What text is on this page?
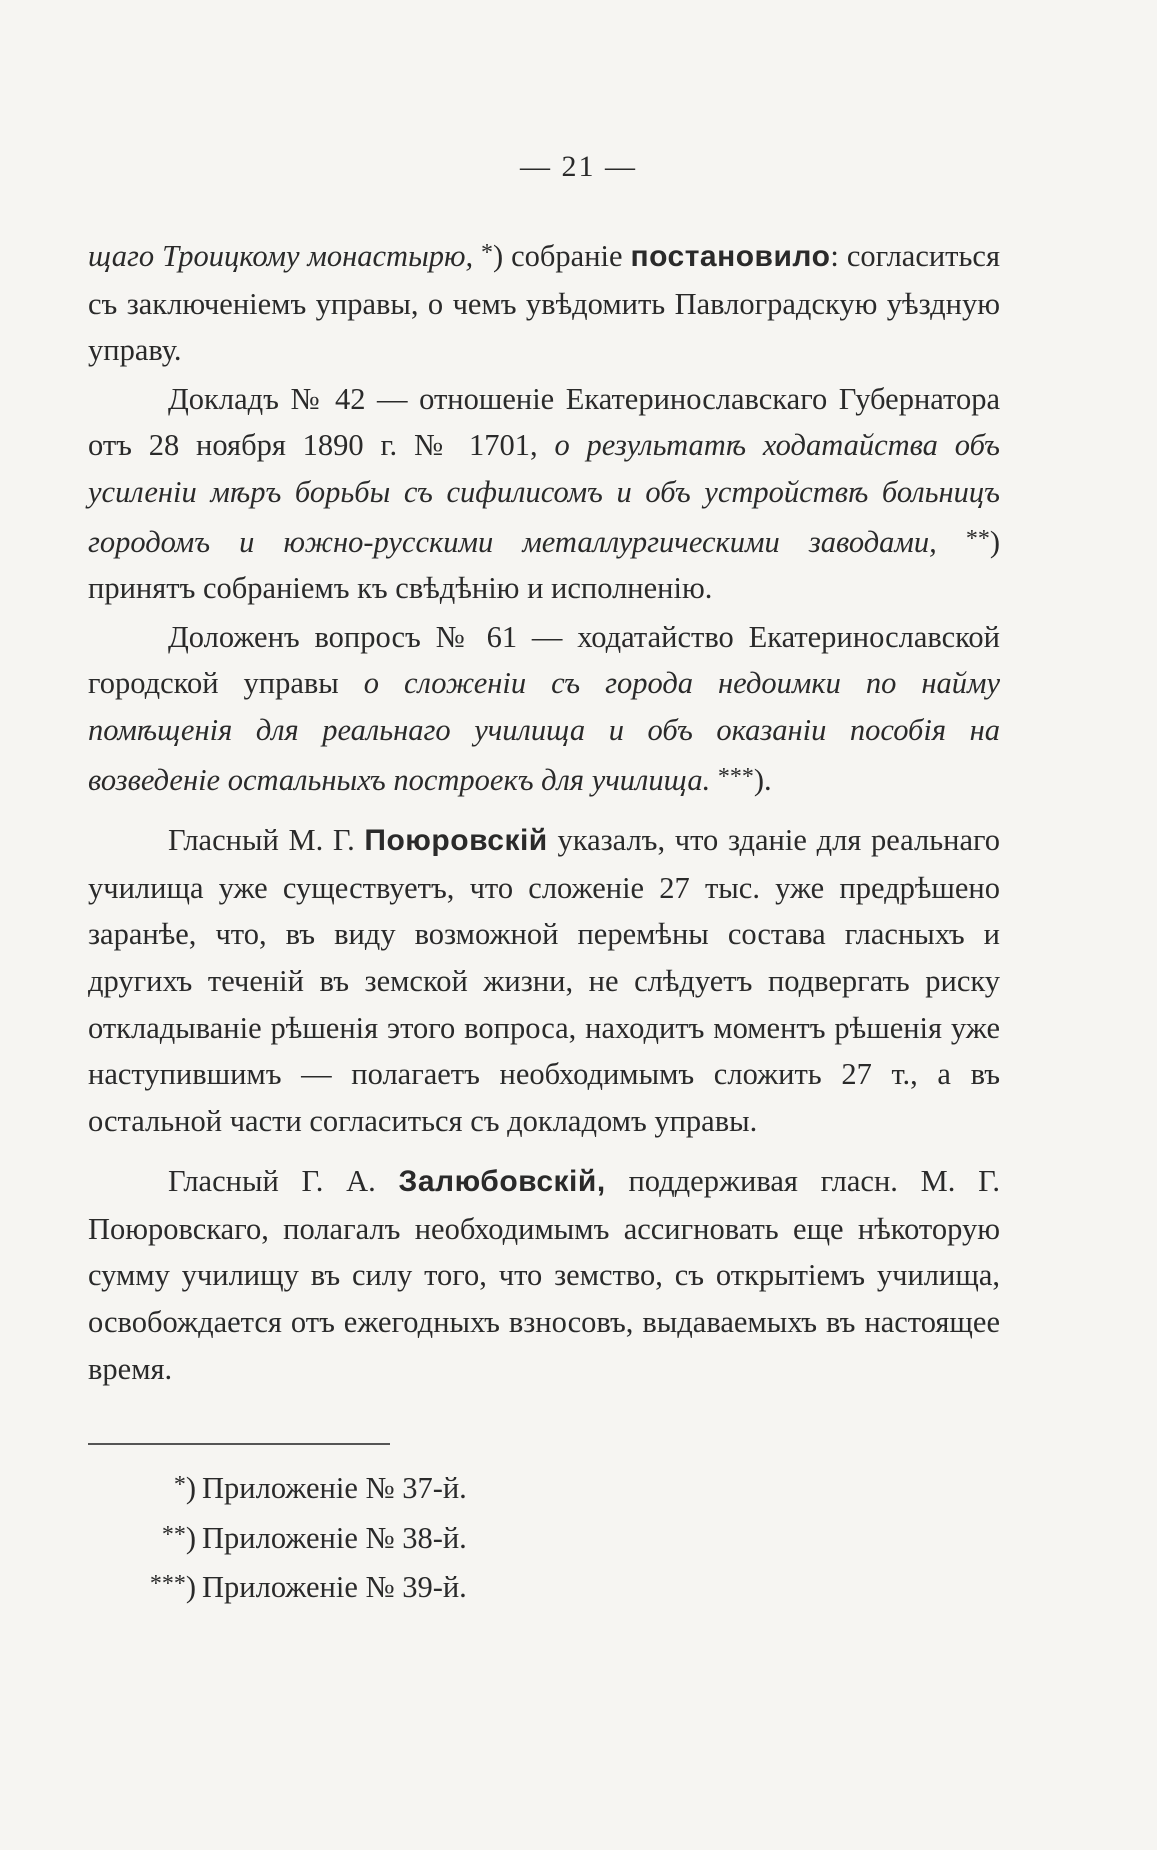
— 21 —

щаго Троицкому монастырю, *) собраніе постановило: согласиться съ заключеніемъ управы, о чемъ увѣдомить Павлоградскую уѣздную управу.

Докладъ № 42 — отношеніе Екатеринославскаго Губернатора отъ 28 ноября 1890 г. № 1701, о результатѣ ходатайства объ усиленіи мѣръ борьбы съ сифилисомъ и объ устройствѣ больницъ городомъ и южно-русскими металлургическими заводами, **) принятъ собраніемъ къ свѣдѣнію и исполненію.

Доложенъ вопросъ № 61 — ходатайство Екатеринославской городской управы о сложеніи съ города недоимки по найму помѣщенія для реальнаго училища и объ оказаніи пособія на возведеніе остальныхъ построекъ для училища. ***).

Гласный М. Г. Поюровскій указалъ, что зданіе для реальнаго училища уже существуетъ, что сложеніе 27 тыс. уже предрѣшено заранѣе, что, въ виду возможной перемѣны состава гласныхъ и другихъ теченій въ земской жизни, не слѣдуетъ подвергать риску откладываніе рѣшенія этого вопроса, находитъ моментъ рѣшенія уже наступившимъ — полагаетъ необходимымъ сложить 27 т., а въ остальной части согласиться съ докладомъ управы.

Гласный Г. А. Залюбовскій, поддерживая гласн. М. Г. Поюровскаго, полагалъ необходимымъ ассигновать еще нѣкоторую сумму училищу въ силу того, что земство, съ открытіемъ училища, освобождается отъ ежегодныхъ взносовъ, выдаваемыхъ въ настоящее время.

*) Приложеніе № 37-й.
**) Приложеніе № 38-й.
***) Приложеніе № 39-й.
